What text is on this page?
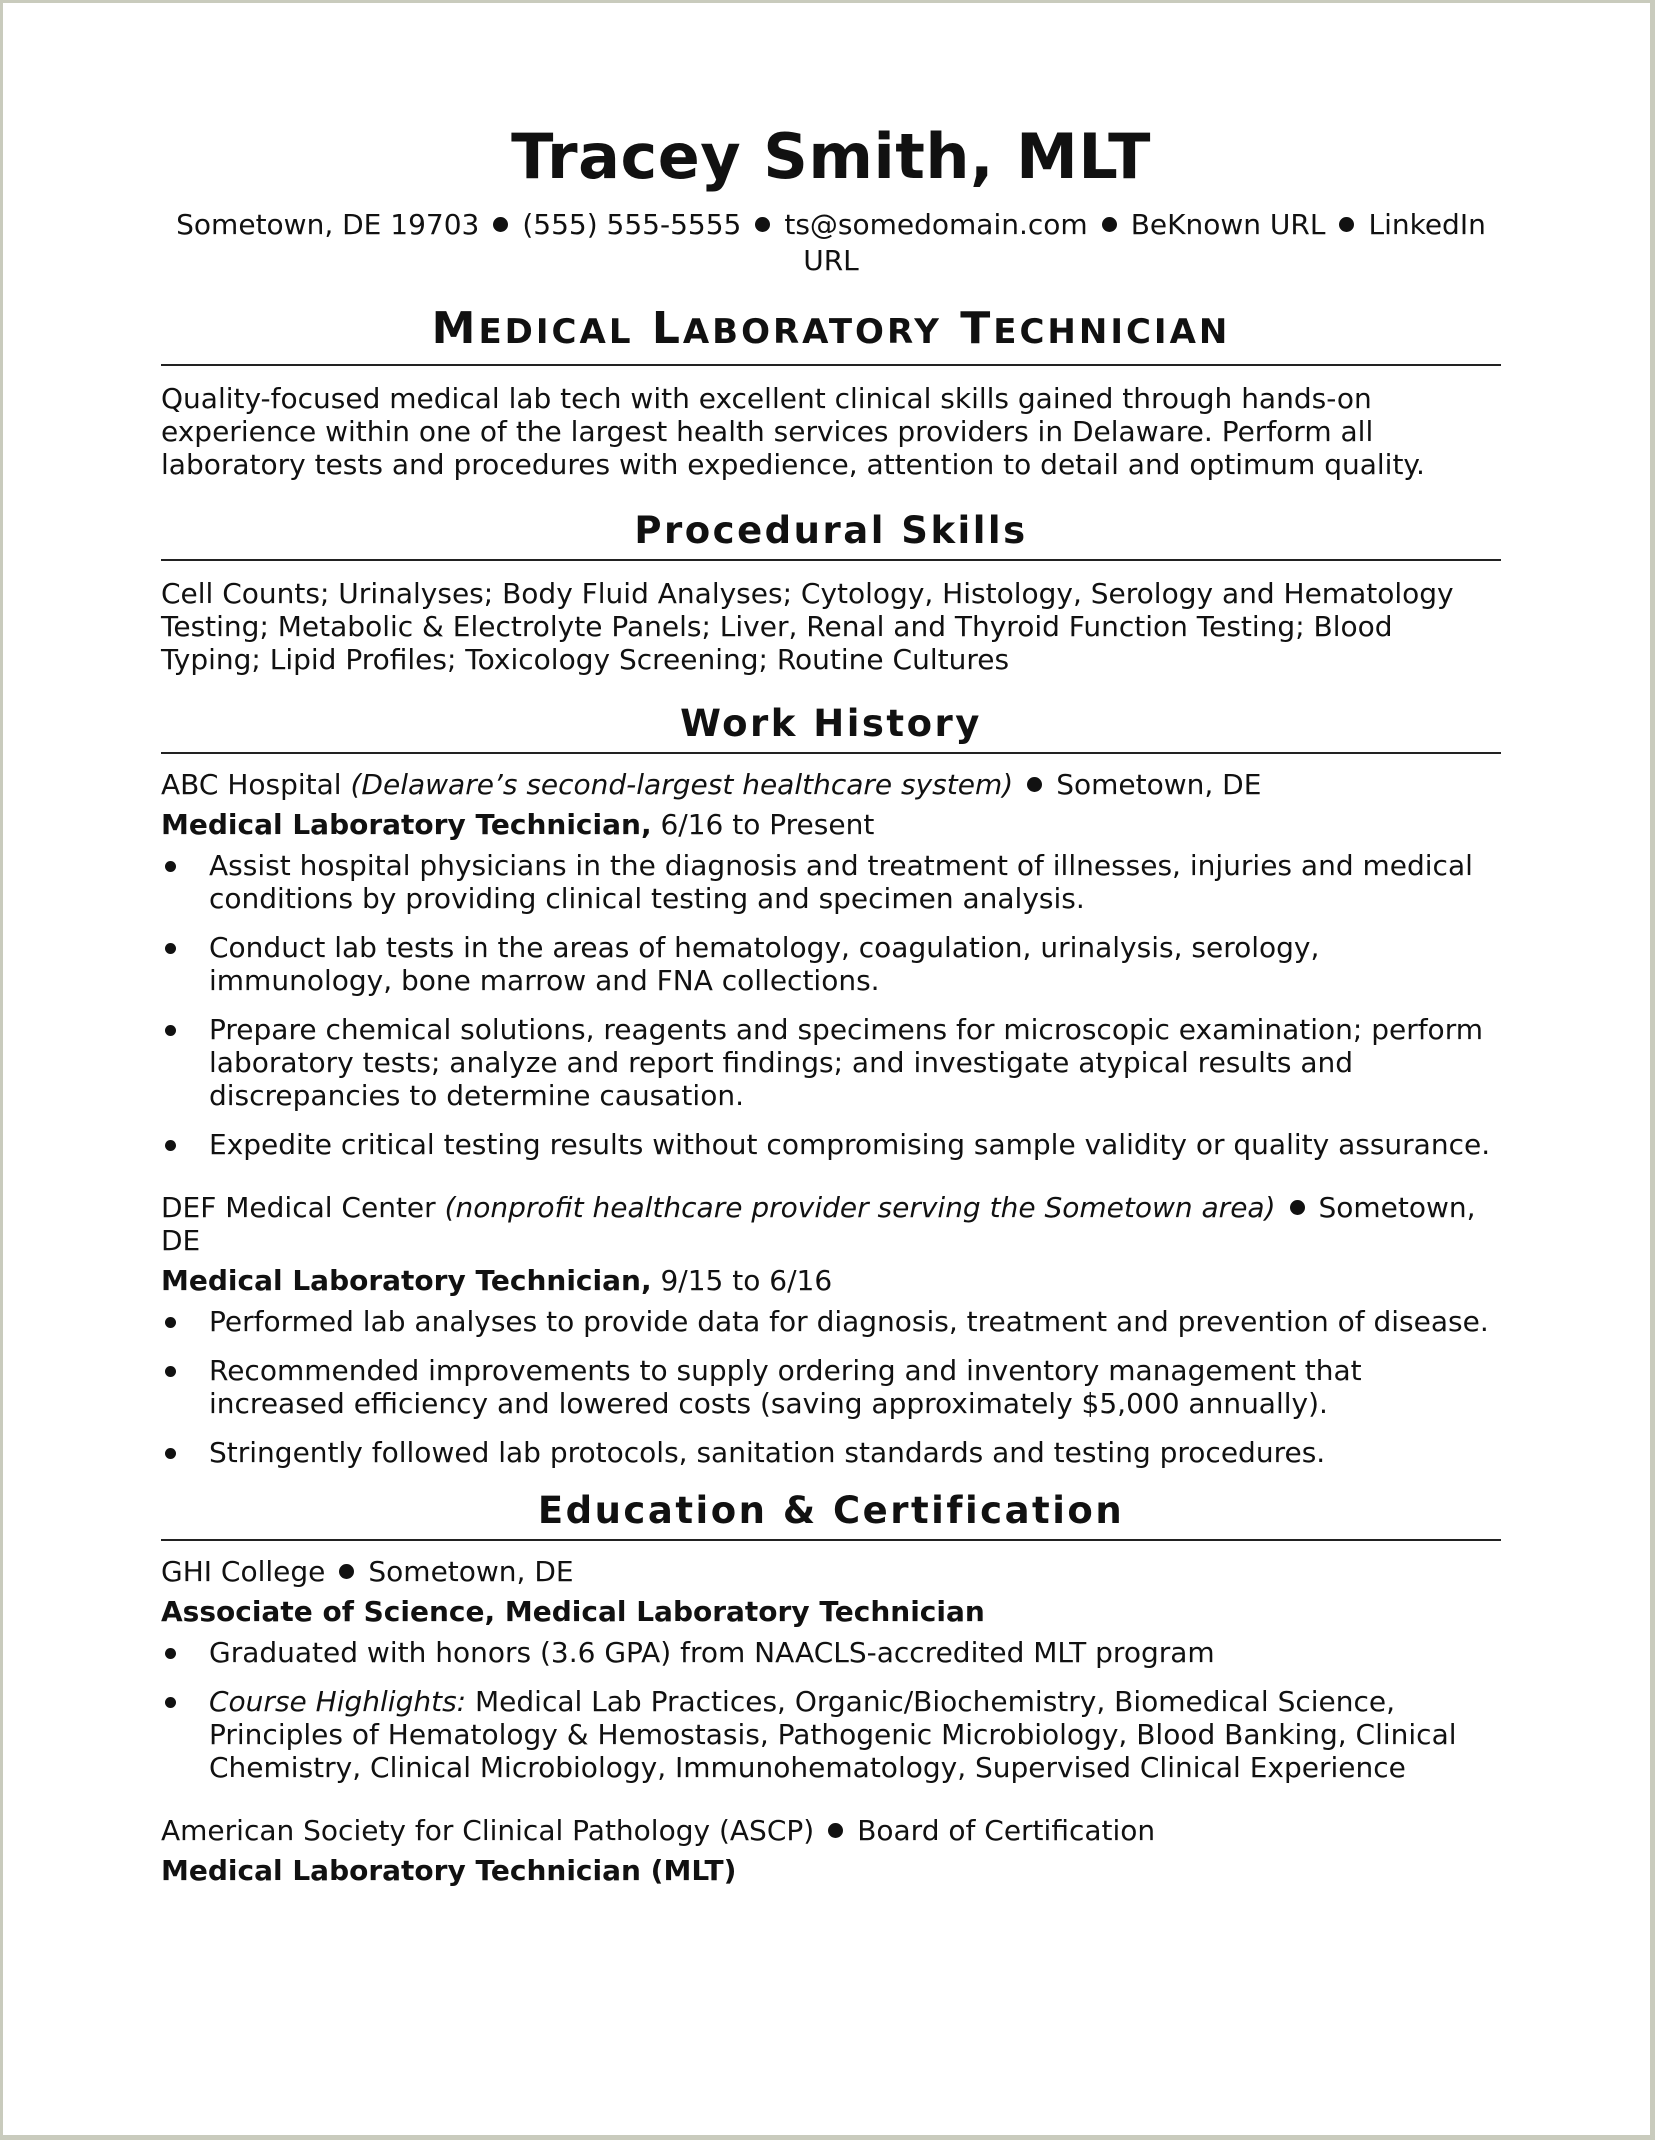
Tracey Smith, MLT
Sometown, DE 19703 (555) 555-5555 ts@somedomain.com BeKnown URL LinkedIn URL
MEDICAL LABORATORY TECHNICIAN
Quality-focused medical lab tech with excellent clinical skills gained through hands-on experience within one of the largest health services providers in Delaware. Perform all laboratory tests and procedures with expedience, attention to detail and optimum quality.
Procedural Skills
Cell Counts; Urinalyses; Body Fluid Analyses; Cytology, Histology, Serology and Hematology Testing; Metabolic & Electrolyte Panels; Liver, Renal and Thyroid Function Testing; Blood Typing; Lipid Profiles; Toxicology Screening; Routine Cultures
Work History
ABC Hospital (Delaware’s second-largest healthcare system) Sometown, DE
Medical Laboratory Technician, 6/16 to Present
Assist hospital physicians in the diagnosis and treatment of illnesses, injuries and medical conditions by providing clinical testing and specimen analysis.
Conduct lab tests in the areas of hematology, coagulation, urinalysis, serology, immunology, bone marrow and FNA collections.
Prepare chemical solutions, reagents and specimens for microscopic examination; perform laboratory tests; analyze and report findings; and investigate atypical results and discrepancies to determine causation.
Expedite critical testing results without compromising sample validity or quality assurance.
DEF Medical Center (nonprofit healthcare provider serving the Sometown area) Sometown, DE
Medical Laboratory Technician, 9/15 to 6/16
Performed lab analyses to provide data for diagnosis, treatment and prevention of disease.
Recommended improvements to supply ordering and inventory management that increased efficiency and lowered costs (saving approximately $5,000 annually).
Stringently followed lab protocols, sanitation standards and testing procedures.
Education & Certification
GHI College Sometown, DE
Associate of Science, Medical Laboratory Technician
Graduated with honors (3.6 GPA) from NAACLS-accredited MLT program
Course Highlights: Medical Lab Practices, Organic/Biochemistry, Biomedical Science, Principles of Hematology & Hemostasis, Pathogenic Microbiology, Blood Banking, Clinical Chemistry, Clinical Microbiology, Immunohematology, Supervised Clinical Experience
American Society for Clinical Pathology (ASCP) Board of Certification
Medical Laboratory Technician (MLT)
